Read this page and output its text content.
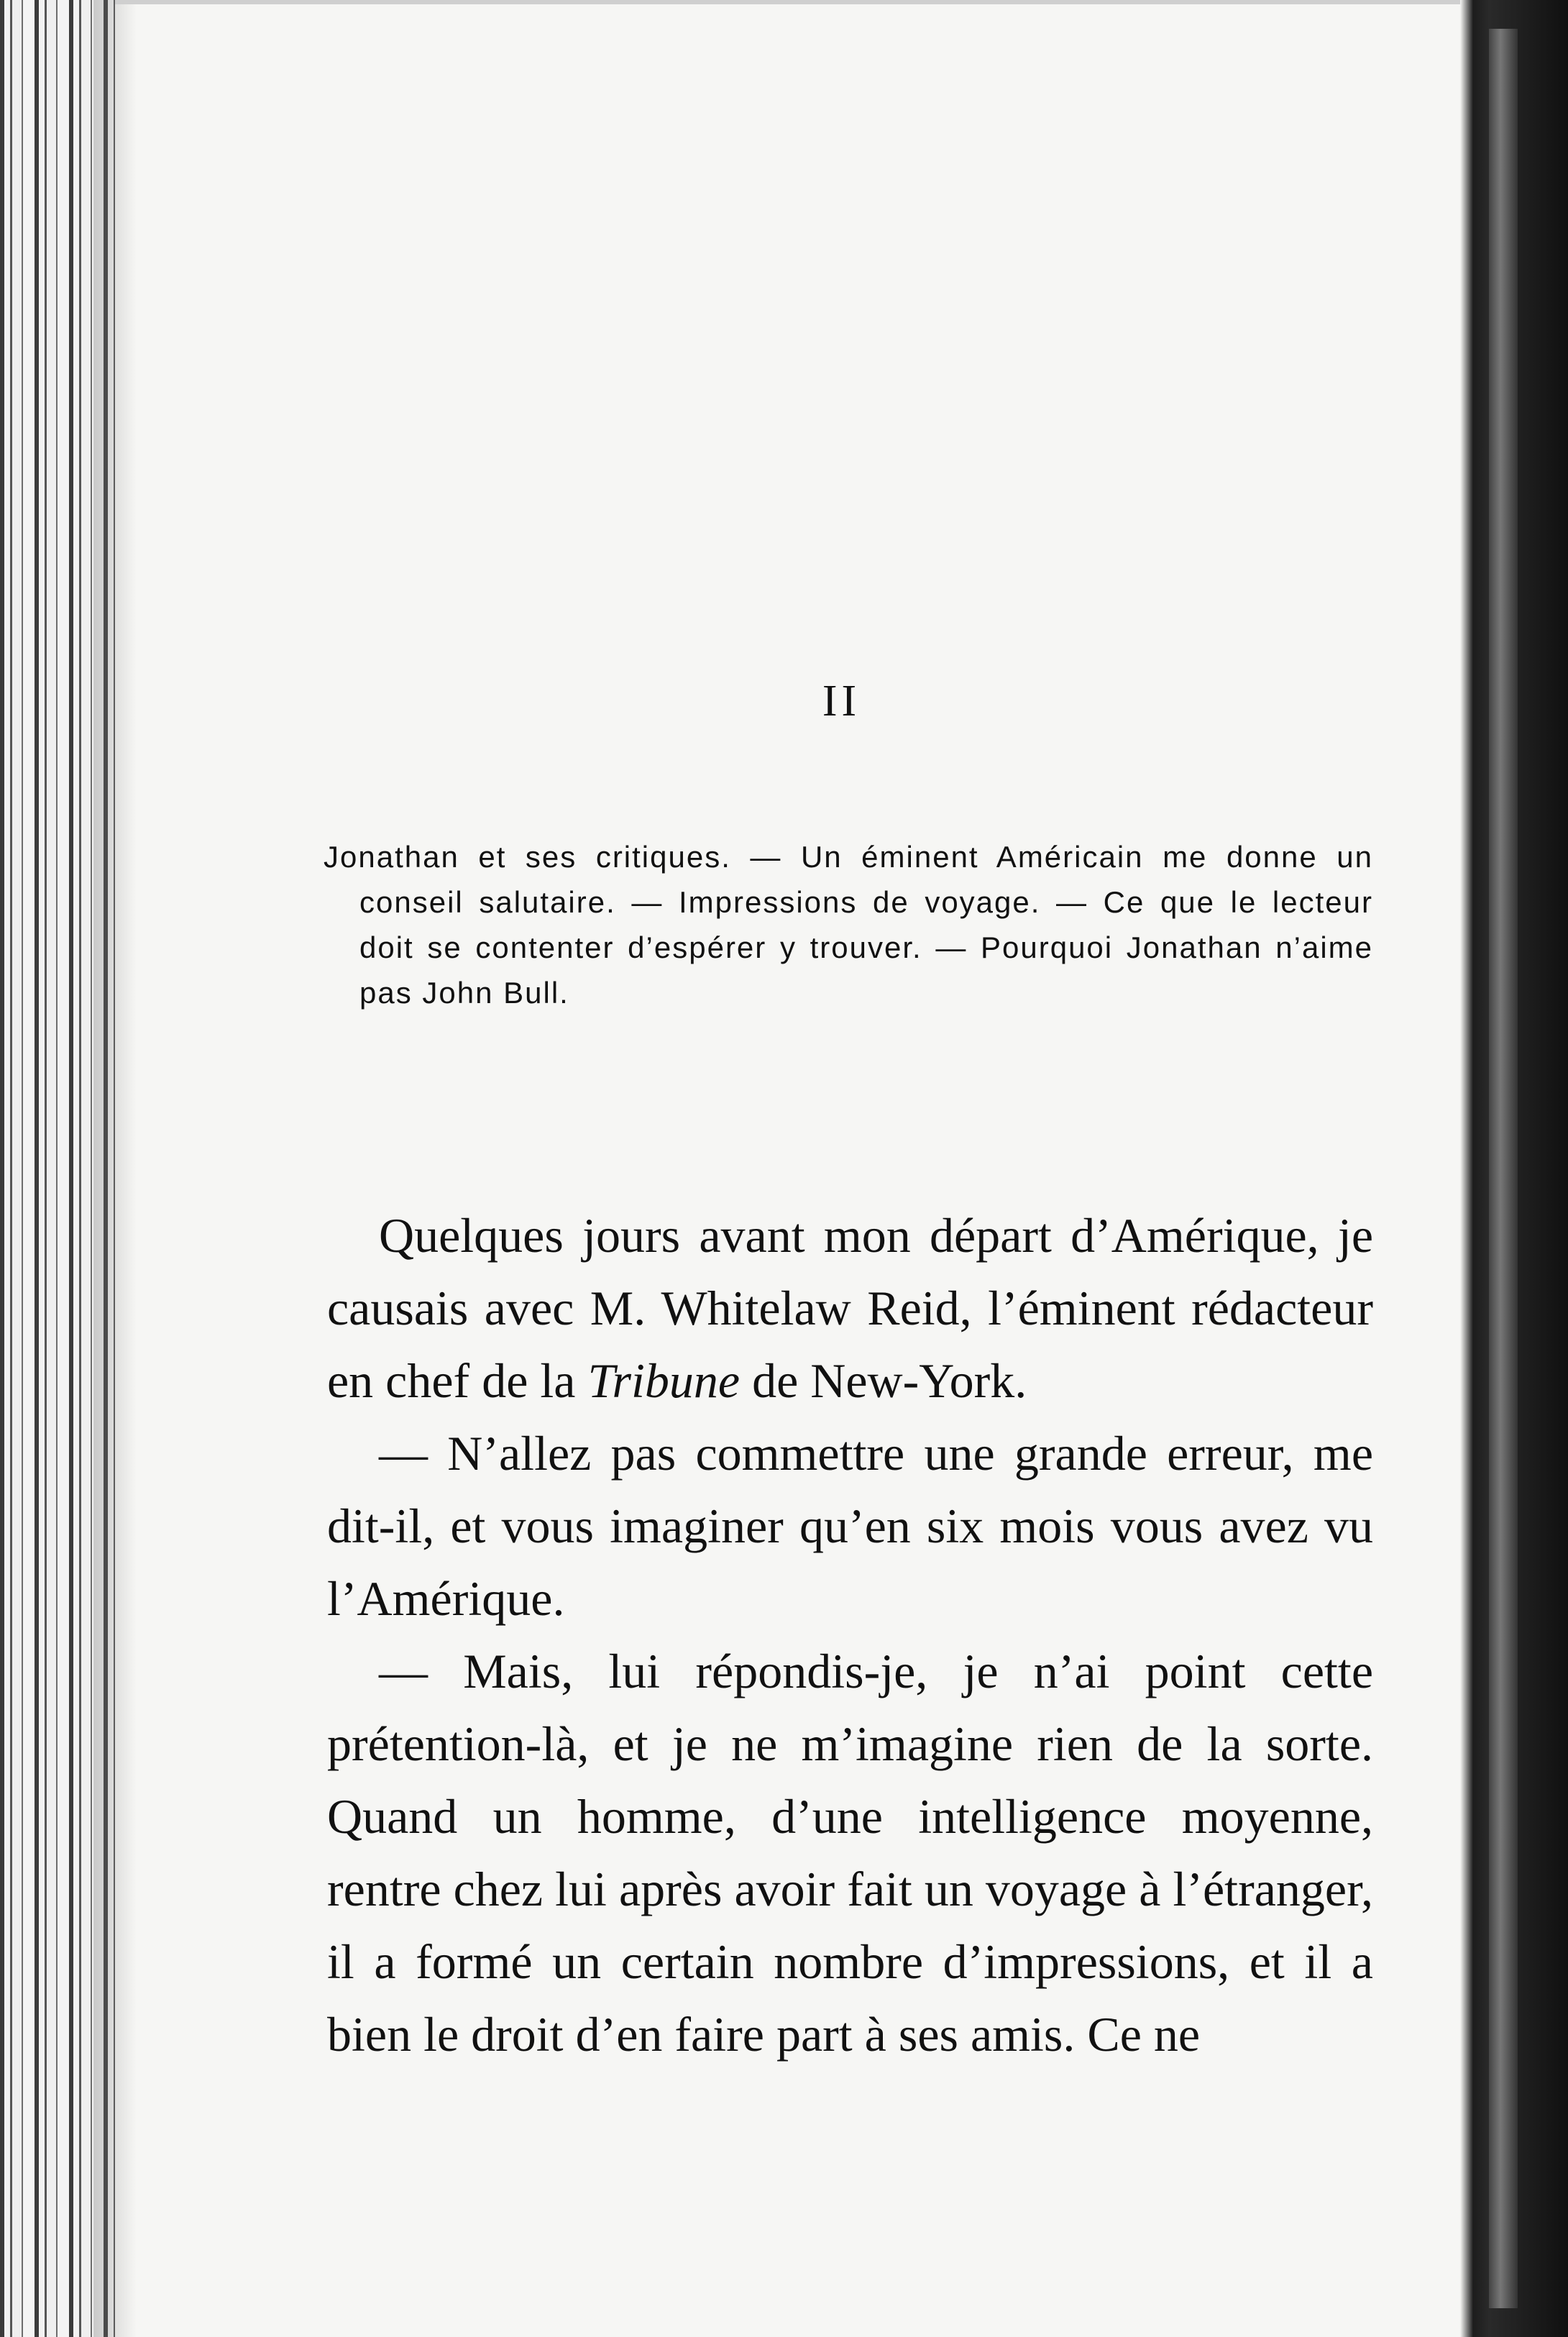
II

Jonathan et ses critiques. — Un éminent Américain me donne un conseil salutaire. — Impressions de voyage. — Ce que le lecteur doit se contenter d’espérer y trouver. — Pourquoi Jonathan n’aime pas John Bull.

Quelques jours avant mon départ d’Amérique, je causais avec M. Whitelaw Reid, l’éminent rédacteur en chef de la Tribune de New-York.

— N’allez pas commettre une grande erreur, me dit-il, et vous imaginer qu’en six mois vous avez vu l’Amérique.

— Mais, lui répondis-je, je n’ai point cette prétention-là, et je ne m’imagine rien de la sorte. Quand un homme, d’une intelligence moyenne, rentre chez lui après avoir fait un voyage à l’étranger, il a formé un certain nombre d’impressions, et il a bien le droit d’en faire part à ses amis. Ce ne
